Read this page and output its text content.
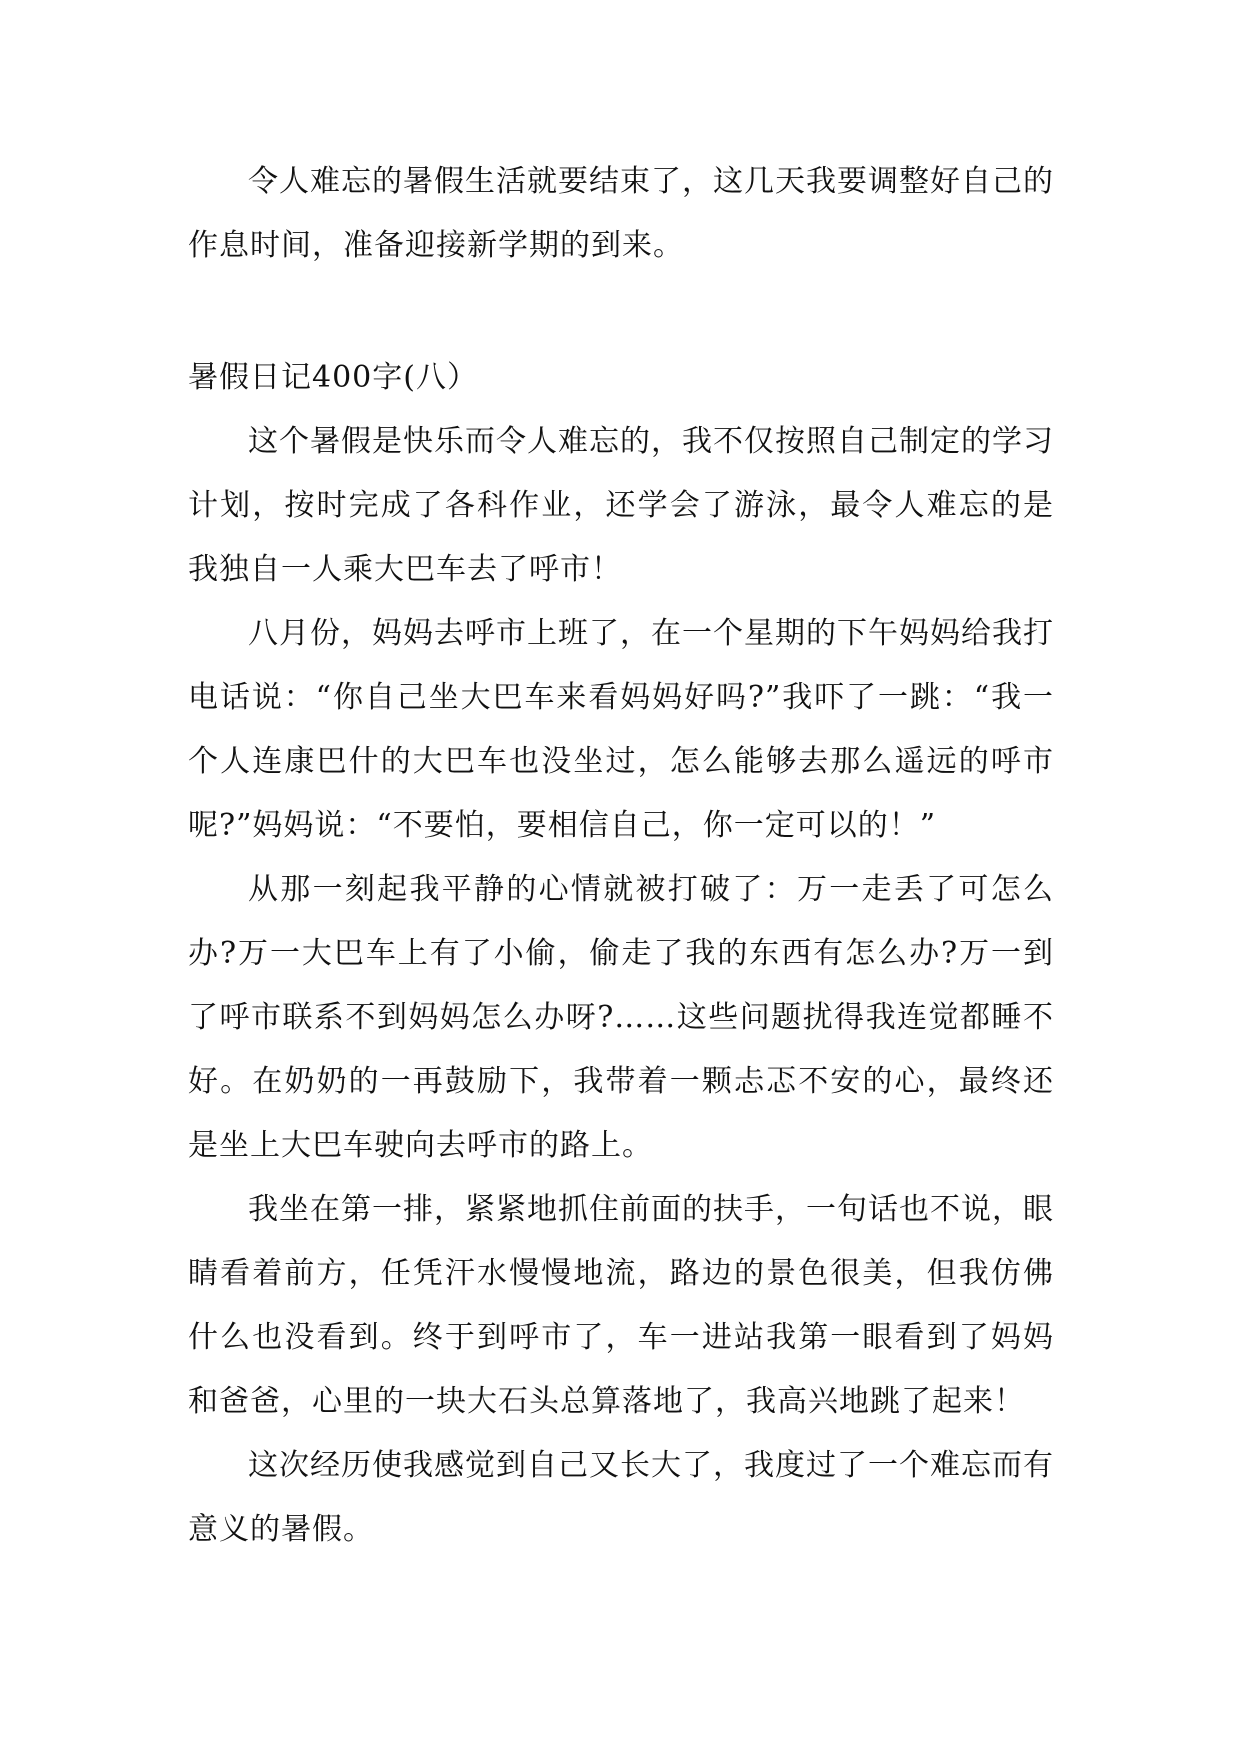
令人难忘的暑假生活就要结束了，这几天我要调整好自己的作息时间，准备迎接新学期的到来。

暑假日记400字(八）

这个暑假是快乐而令人难忘的，我不仅按照自己制定的学习计划，按时完成了各科作业，还学会了游泳，最令人难忘的是我独自一人乘大巴车去了呼市！

八月份，妈妈去呼市上班了，在一个星期的下午妈妈给我打电话说：“你自己坐大巴车来看妈妈好吗?”我吓了一跳：“我一个人连康巴什的大巴车也没坐过，怎么能够去那么遥远的呼市呢?”妈妈说：“不要怕，要相信自己，你一定可以的！”

从那一刻起我平静的心情就被打破了：万一走丢了可怎么办?万一大巴车上有了小偷，偷走了我的东西有怎么办?万一到了呼市联系不到妈妈怎么办呀?……这些问题扰得我连觉都睡不好。在奶奶的一再鼓励下，我带着一颗忐忑不安的心，最终还是坐上大巴车驶向去呼市的路上。

我坐在第一排，紧紧地抓住前面的扶手，一句话也不说，眼睛看着前方，任凭汗水慢慢地流，路边的景色很美，但我仿佛什么也没看到。终于到呼市了，车一进站我第一眼看到了妈妈和爸爸，心里的一块大石头总算落地了，我高兴地跳了起来！

这次经历使我感觉到自己又长大了，我度过了一个难忘而有意义的暑假。
